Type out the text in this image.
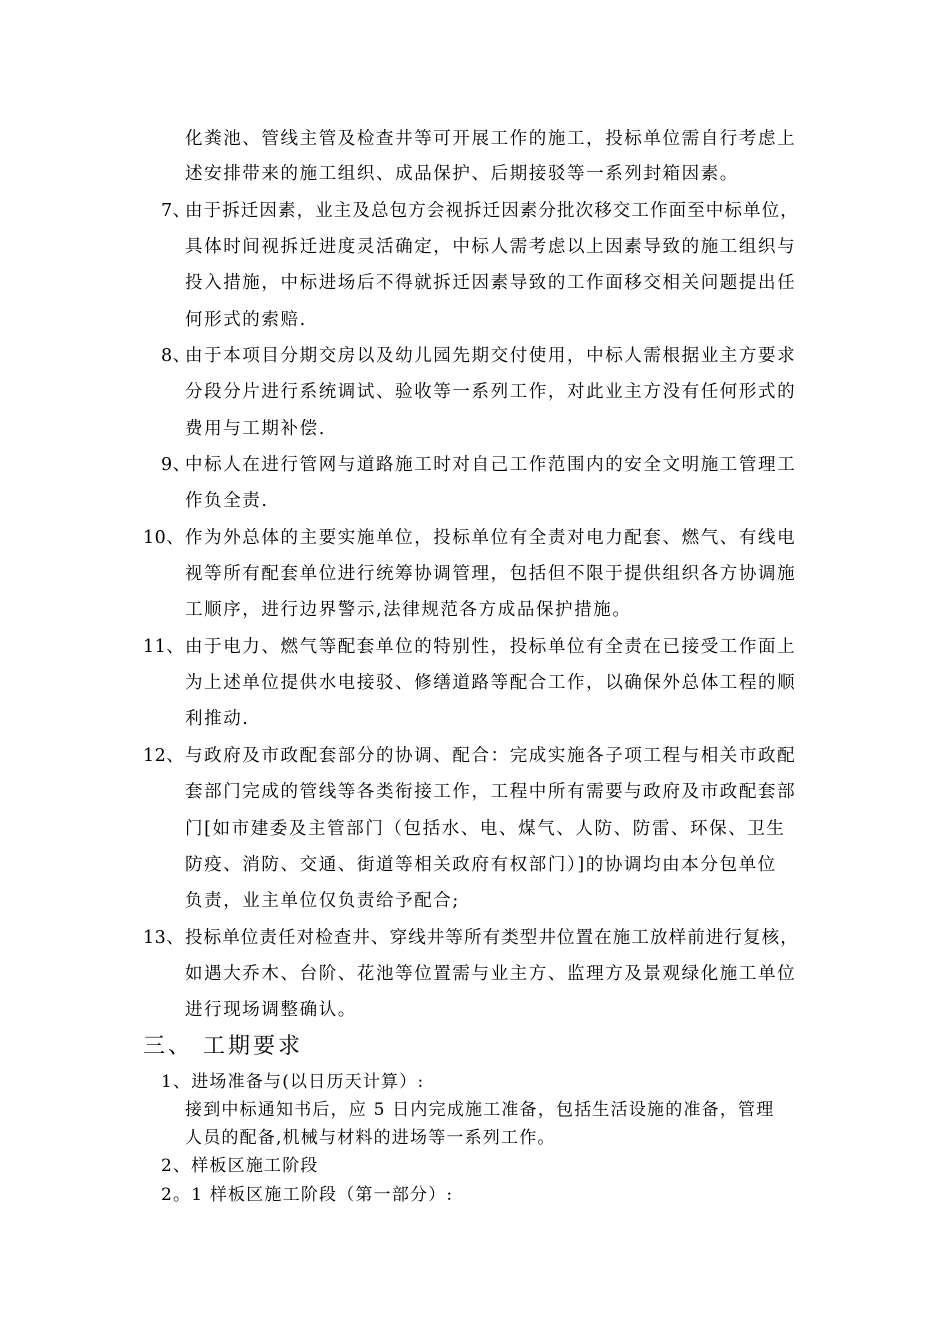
化粪池、管线主管及检查井等可开展工作的施工，投标单位需自行考虑上
述安排带来的施工组织、成品保护、后期接驳等一系列封箱因素。
7、
由于拆迁因素，业主及总包方会视拆迁因素分批次移交工作面至中标单位，
具体时间视拆迁进度灵活确定，中标人需考虑以上因素导致的施工组织与
投入措施，中标进场后不得就拆迁因素导致的工作面移交相关问题提出任
何形式的索赔.
8、
由于本项目分期交房以及幼儿园先期交付使用，中标人需根据业主方要求
分段分片进行系统调试、验收等一系列工作，对此业主方没有任何形式的
费用与工期补偿.
9、
中标人在进行管网与道路施工时对自己工作范围内的安全文明施工管理工
作负全责.
10、 作为外总体的主要实施单位，投标单位有全责对电力配套、燃气、有线电
视等所有配套单位进行统筹协调管理，包括但不限于提供组织各方协调施
工顺序，进行边界警示,法律规范各方成品保护措施。
11、 由于电力、燃气等配套单位的特别性，投标单位有全责在已接受工作面上
为上述单位提供水电接驳、修缮道路等配合工作，以确保外总体工程的顺
利推动.
12、 与政府及市政配套部分的协调、配合：完成实施各子项工程与相关市政配
套部门完成的管线等各类衔接工作，工程中所有需要与政府及市政配套部
门[如市建委及主管部门（包括水、电、煤气、人防、防雷、环保、卫生
防疫、消防、交通、街道等相关政府有权部门）]的协调均由本分包单位
负责，业主单位仅负责给予配合;
13、 投标单位责任对检查井、穿线井等所有类型井位置在施工放样前进行复核，
如遇大乔木、台阶、花池等位置需与业主方、监理方及景观绿化施工单位
进行现场调整确认。
三、 工期要求
1、进场准备与(以日历天计算）:
接到中标通知书后，应 5 日内完成施工准备，包括生活设施的准备，管理
人员的配备,机械与材料的进场等一系列工作。
2、样板区施工阶段
2。1 样板区施工阶段（第一部分）:
